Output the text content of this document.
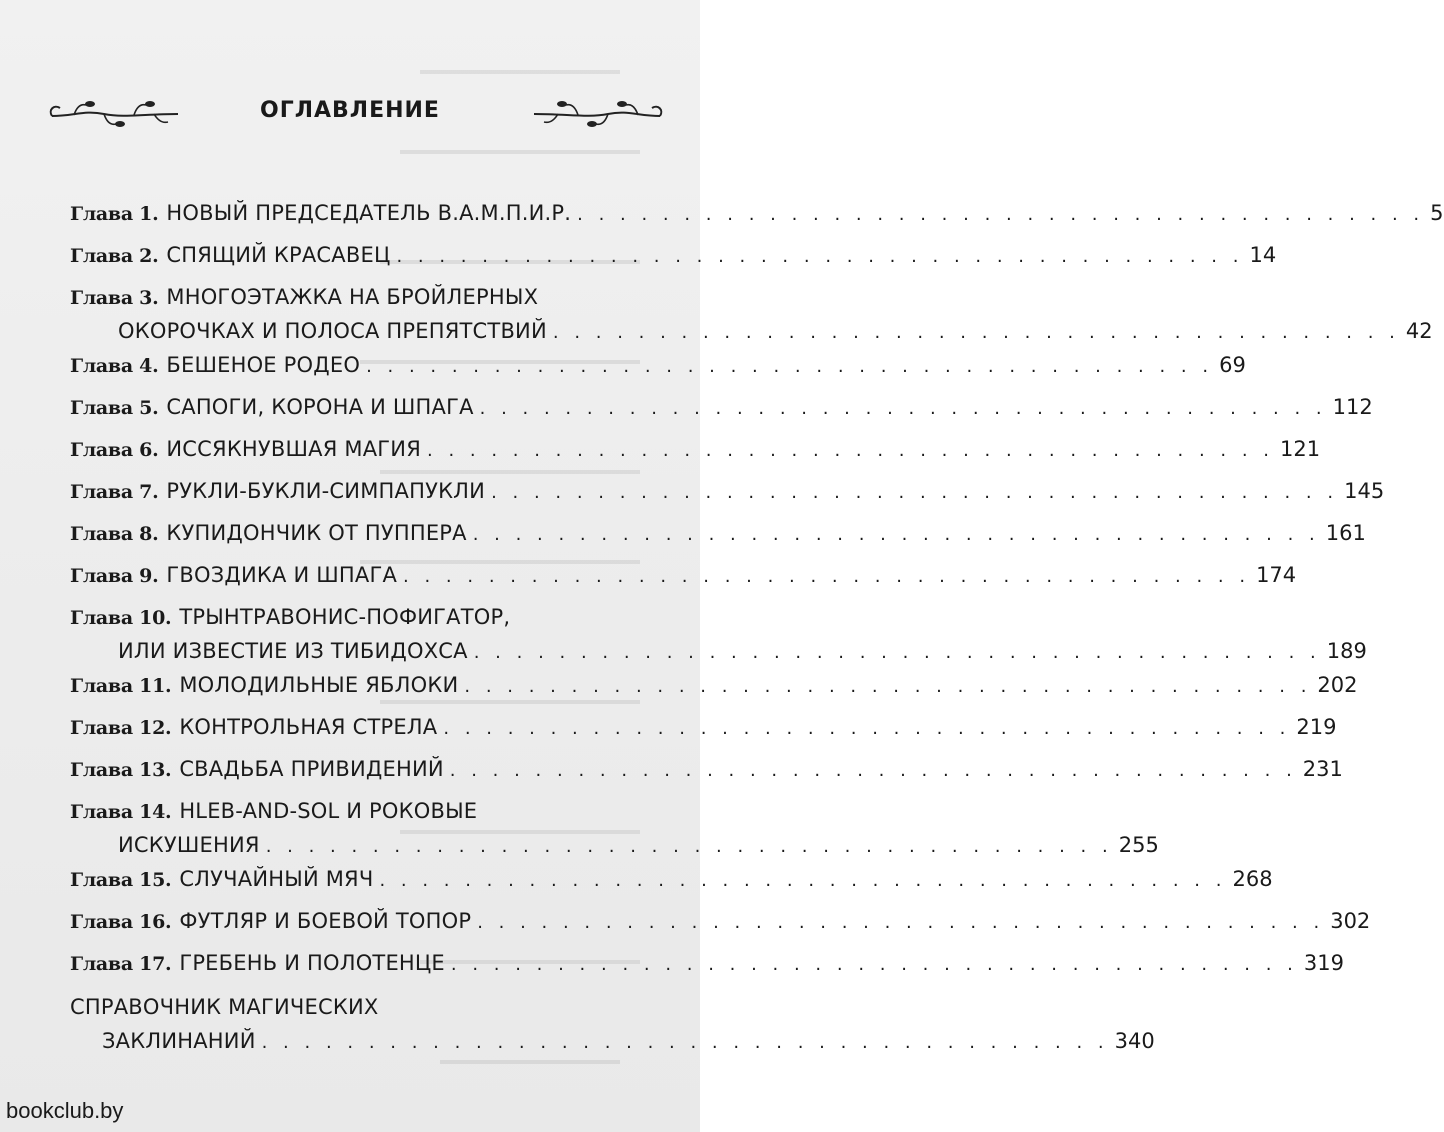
ОГЛАВЛЕНИЕ
Глава 1. НОВЫЙ ПРЕДСЕДАТЕЛЬ В.А.М.П.И.Р. . . . . . . . . . . . . . . . . . . . . . . . . . . . . . . . . . . . . . . . . 5
Глава 2. СПЯЩИЙ КРАСАВЕЦ . . . . . . . . . . . . . . . . . . . . . . . . . . . . . . . . . . . . . . . . 14
Глава 3. МНОГОЭТАЖКА НА БРОЙЛЕРНЫХ
ОКОРОЧКАХ И ПОЛОСА ПРЕПЯТСТВИЙ . . . . . . . . . . . . . . . . . . . . . . . . . . . . . . . . . . . . . . . . 42
Глава 4. БЕШЕНОЕ РОДЕО . . . . . . . . . . . . . . . . . . . . . . . . . . . . . . . . . . . . . . . . 69
Глава 5. САПОГИ, КОРОНА И ШПАГА . . . . . . . . . . . . . . . . . . . . . . . . . . . . . . . . . . . . . . . . 112
Глава 6. ИССЯКНУВШАЯ МАГИЯ . . . . . . . . . . . . . . . . . . . . . . . . . . . . . . . . . . . . . . . . 121
Глава 7. РУКЛИ-БУКЛИ-СИМПАПУКЛИ . . . . . . . . . . . . . . . . . . . . . . . . . . . . . . . . . . . . . . . . 145
Глава 8. КУПИДОНЧИК ОТ ПУППЕРА . . . . . . . . . . . . . . . . . . . . . . . . . . . . . . . . . . . . . . . . 161
Глава 9. ГВОЗДИКА И ШПАГА . . . . . . . . . . . . . . . . . . . . . . . . . . . . . . . . . . . . . . . . 174
Глава 10. ТРЫНТРАВОНИС-ПОФИГАТОР,
ИЛИ ИЗВЕСТИЕ ИЗ ТИБИДОХСА . . . . . . . . . . . . . . . . . . . . . . . . . . . . . . . . . . . . . . . . 189
Глава 11. МОЛОДИЛЬНЫЕ ЯБЛОКИ . . . . . . . . . . . . . . . . . . . . . . . . . . . . . . . . . . . . . . . . 202
Глава 12. КОНТРОЛЬНАЯ СТРЕЛА . . . . . . . . . . . . . . . . . . . . . . . . . . . . . . . . . . . . . . . . 219
Глава 13. СВАДЬБА ПРИВИДЕНИЙ . . . . . . . . . . . . . . . . . . . . . . . . . . . . . . . . . . . . . . . . 231
Глава 14. HLEB-AND-SOL И РОКОВЫЕ
ИСКУШЕНИЯ . . . . . . . . . . . . . . . . . . . . . . . . . . . . . . . . . . . . . . . . 255
Глава 15. СЛУЧАЙНЫЙ МЯЧ . . . . . . . . . . . . . . . . . . . . . . . . . . . . . . . . . . . . . . . . 268
Глава 16. ФУТЛЯР И БОЕВОЙ ТОПОР . . . . . . . . . . . . . . . . . . . . . . . . . . . . . . . . . . . . . . . . 302
Глава 17. ГРЕБЕНЬ И ПОЛОТЕНЦЕ . . . . . . . . . . . . . . . . . . . . . . . . . . . . . . . . . . . . . . . . 319
СПРАВОЧНИК МАГИЧЕСКИХ
ЗАКЛИНАНИЙ . . . . . . . . . . . . . . . . . . . . . . . . . . . . . . . . . . . . . . . . 340
bookclub.by
